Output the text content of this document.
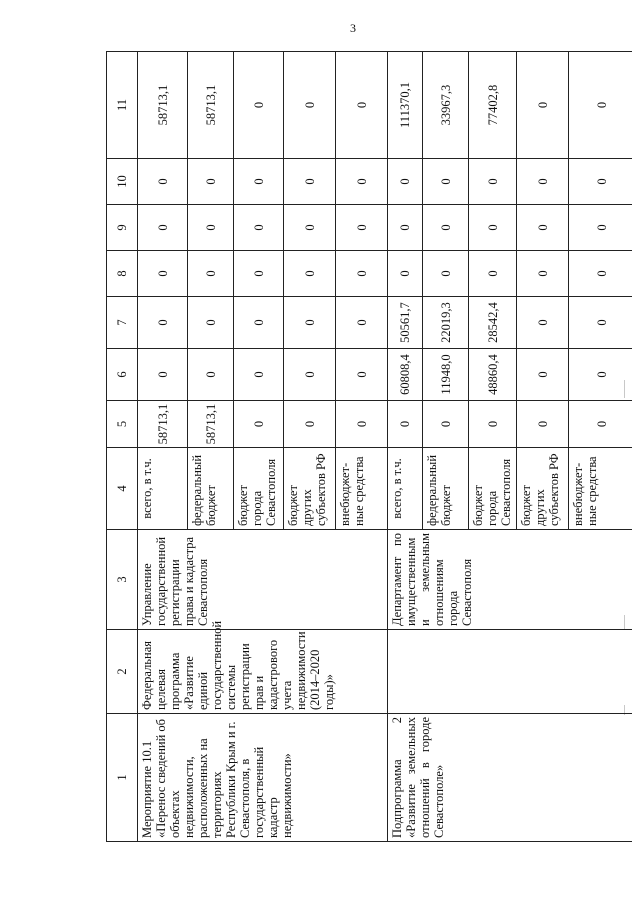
3
1	2	3	4	5	6	7	8	9	10	11
Мероприятие 10.1 «Перенос сведений об объектах недвижимости, расположенных на территориях Республики Крым и г. Севастополя, в государственный кадастр недвижимости»	Федеральная целевая программа «Развитие единой государственной системы регистрации прав и кадастрового учета недвижимости (2014–2020 годы)»	Управление государственной регистрации права и кадастра Севастополя	всего, в т.ч.	58713,1	0	0	0	0	0	58713,1
			федеральный бюджет	58713,1	0	0	0	0	0	58713,1
			бюджет города Севастополя	0	0	0	0	0	0	0
			бюджет других субъектов РФ	0	0	0	0	0	0	0
			внебюджет-ные средства	0	0	0	0	0	0	0
Подпрограмма 2 «Развитие земельных отношений в городе Севастополе»		Департамент по имущественным и земельным отношениям города Севастополя	всего, в т.ч.	0	60808,4	50561,7	0	0	0	111370,1
			федеральный бюджет	0	11948,0	22019,3	0	0	0	33967,3
			бюджет города Севастополя	0	48860,4	28542,4	0	0	0	77402,8
			бюджет других субъектов РФ	0	0	0	0	0	0	0
			внебюджет-ные средства	0	0	0	0	0	0	0
